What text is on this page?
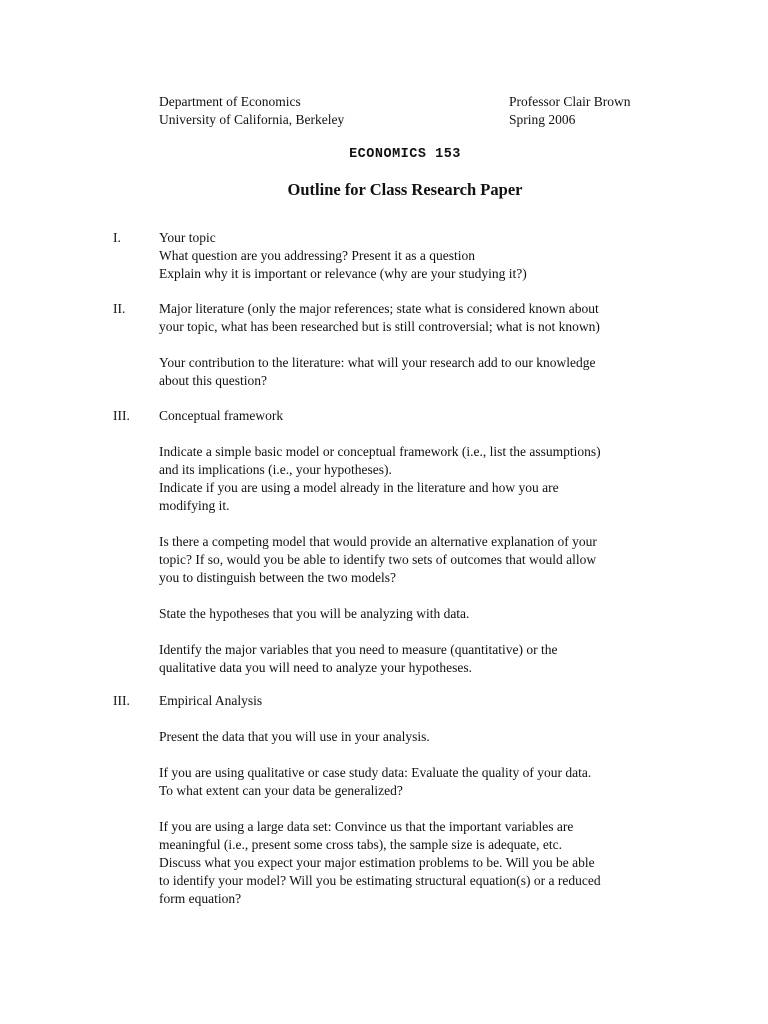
Department of Economics	Professor Clair Brown
University of California, Berkeley	Spring 2006
ECONOMICS 153
Outline for Class Research Paper
I.	Your topic
What question are you addressing? Present it as a question
Explain why it is important or relevance (why are your studying it?)
II. Major literature (only the major references; state what is considered known about
your topic, what has been researched but is still controversial; what is not known)
Your contribution to the literature: what will your research add to our knowledge
about this question?
III. Conceptual framework
Indicate a simple basic model or conceptual framework (i.e., list the assumptions)
and its implications (i.e., your hypotheses).
Indicate if you are using a model already in the literature and how you are
modifying it.
Is there a competing model that would provide an alternative explanation of your
topic? If so, would you be able to identify two sets of outcomes that would allow
you to distinguish between the two models?
State the hypotheses that you will be analyzing with data.
Identify the major variables that you need to measure (quantitative) or the
qualitative data you will need to analyze your hypotheses.
III. Empirical Analysis
Present the data that you will use in your analysis.
If you are using qualitative or case study data: Evaluate the quality of your data.
To what extent can your data be generalized?
If you are using a large data set: Convince us that the important variables are
meaningful (i.e., present some cross tabs), the sample size is adequate, etc.
Discuss what you expect your major estimation problems to be. Will you be able
to identify your model? Will you be estimating structural equation(s) or a reduced
form equation?
